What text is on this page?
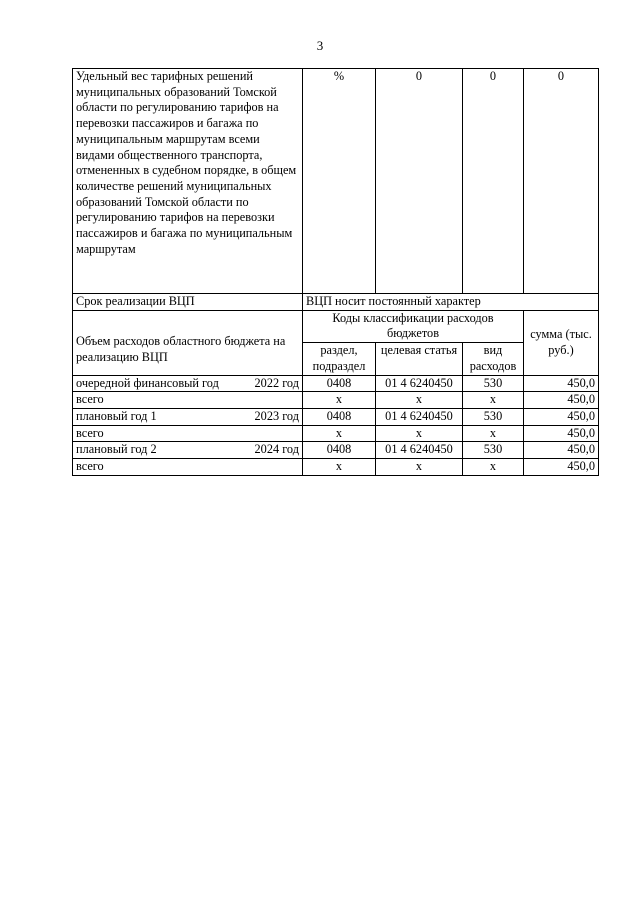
3
Удельный вес тарифных решений муниципальных образований Томской области по регулированию тарифов на перевозки пассажиров и багажа по муниципальным маршрутам всеми видами общественного транспорта, отмененных в судебном порядке, в общем количестве решений муниципальных образований Томской области по регулированию тарифов на перевозки пассажиров и багажа по муниципальным маршрутам	%	0	0	0
Срок реализации ВЦП	ВЦП носит постоянный характер			

Объем расходов областного бюджета на реализацию ВЦП	Коды классификации расходов бюджетов			сумма (тыс. руб.)
	раздел, подраздел	целевая статья	вид расходов	

очередной финансовый год 2022 год	0408	01 4 6240450	530	450,0

всего	х	х	х	450,0

плановый год 1 2023 год	0408	01 4 6240450	530	450,0

всего	х	х	х	450,0

плановый год 2 2024 год	0408	01 4 6240450	530	450,0

всего	х	х	х	450,0
